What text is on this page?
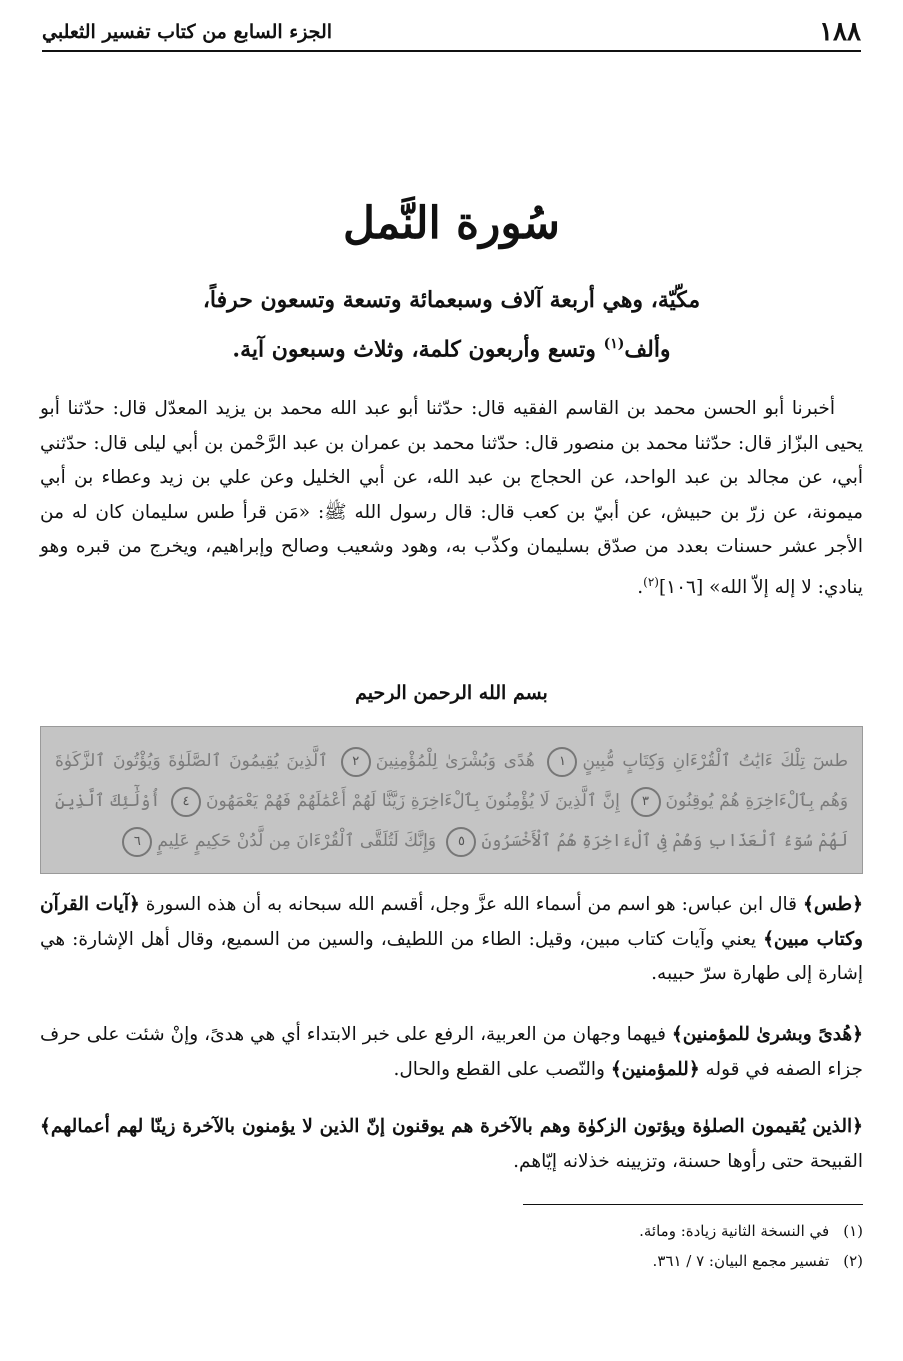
١٨٨
الجزء السابع من كتاب تفسير الثعلبي
سُورة النَّمل
مكّيّة، وهي أربعة آلاف وسبعمائة وتسعة وتسعون حرفاً،
وألف$^{(١)}$ وتسع وأربعون كلمة، وثلاث وسبعون آية.

أخبرنا أبو الحسن محمد بن القاسم الفقيه قال: حدّثنا أبو عبد الله محمد بن يزيد المعدّل قال: حدّثنا أبو يحيى البزّاز قال: حدّثنا محمد بن منصور قال: حدّثنا محمد بن عمران بن عبد الرَّحْمن بن أبي ليلى قال: حدّثني أبي، عن مجالد بن عبد الواحد، عن الحجاج بن عبد الله، عن أبي الخليل وعن علي بن زيد وعطاء بن أبي ميمونة، عن زرّ بن حبيش، عن أبيّ بن كعب قال: قال رسول الله ﷺ: «مَن قرأ طس سليمان كان له من الأجر عشر حسنات بعدد من صدّق بسليمان وكذّب به، وهود وشعيب وصالح وإبراهيم، ويخرج من قبره وهو ينادي: لا إله إلاّ الله» [١٠٦]$^{(٢)}$.

بسم الله الرحمن الرحيم
طسٓ تِلْكَ ءَايَٰتُ ٱلْقُرْءَانِ وَكِتَابٍ مُّبِينٍ١ هُدًى وَبُشْرَىٰ لِلْمُؤْمِنِينَ٢ ٱلَّذِينَ يُقِيمُونَ ٱلصَّلَوٰةَ وَيُؤْتُونَ ٱلزَّكَوٰةَ وَهُم بِٱلْءَاخِرَةِ هُمْ يُوقِنُونَ٣ إِنَّ ٱلَّذِينَ لَا يُؤْمِنُونَ بِٱلْءَاخِرَةِ زَيَّنَّا لَهُمْ أَعْمَٰلَهُمْ فَهُمْ يَعْمَهُونَ٤ أُوْلَٰٓئِكَ ٱلَّذِينَ لَهُمْ سُوٓءُ ٱلْعَذَابِ وَهُمْ فِى ٱلْءَاخِرَةِ هُمُ ٱلْأَخْسَرُونَ٥ وَإِنَّكَ لَتُلَقَّى ٱلْقُرْءَانَ مِن لَّدُنْ حَكِيمٍ عَلِيمٍ٦

﴿طس﴾ قال ابن عباس: هو اسم من أسماء الله عزَّ وجل، أقسم الله سبحانه به أن هذه السورة ﴿آيات القرآن وكتاب مبين﴾ يعني وآيات كتاب مبين، وقيل: الطاء من اللطيف، والسين من السميع، وقال أهل الإشارة: هي إشارة إلى طهارة سرّ حبيبه.

﴿هُدىً وبشرىٰ للمؤمنين﴾ فيهما وجهان من العربية، الرفع على خبر الابتداء أي هي هدىً، وإنْ شئت على حرف جزاء الصفه في قوله ﴿للمؤمنين﴾ والنّصب على القطع والحال.

﴿الذين يُقيمون الصلوٰة ويؤتون الزكوٰة وهم بالآخرة هم يوقنون إنّ الذين لا يؤمنون بالآخرة زينّا لهم أعمالهم﴾ القبيحة حتى رأوها حسنة، وتزيينه خذلانه إيّاهم.

(١)
في النسخة الثانية زيادة: ومائة.
(٢)
تفسير مجمع البيان: ٧ / ٣٦١.
